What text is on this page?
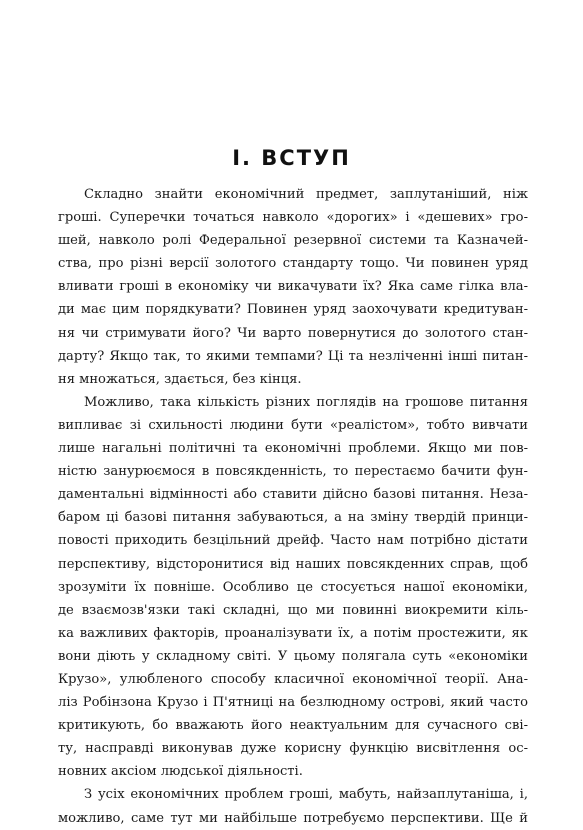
I. ВСТУП
Складно знайти економічний предмет, заплутаніший, ніж
гроші. Суперечки точаться навколо «дорогих» і «дешевих» гро-
шей, навколо ролі Федеральної резервної системи та Казначей-
ства, про різні версії золотого стандарту тощо. Чи повинен уряд
вливати гроші в економіку чи викачувати їх? Яка саме гілка вла-
ди має цим порядкувати? Повинен уряд заохочувати кредитуван-
ня чи стримувати його? Чи варто повернутися до золотого стан-
дарту? Якщо так, то якими темпами? Ці та незліченні інші питан-
ня множаться, здається, без кінця.
Можливо, така кількість різних поглядів на грошове питання
випливає зі схильності людини бути «реалістом», тобто вивчати
лише нагальні політичні та економічні проблеми. Якщо ми пов-
ністю занурюємося в повсякденність, то перестаємо бачити фун-
даментальні відмінності або ставити дійсно базові питання. Неза-
баром ці базові питання забуваються, а на зміну твердій принци-
повості приходить безцільний дрейф. Часто нам потрібно дістати
перспективу, відсторонитися від наших повсякденних справ, щоб
зрозуміти їх повніше. Особливо це стосується нашої економіки,
де взаємозв'язки такі складні, що ми повинні виокремити кіль-
ка важливих факторів, проаналізувати їх, а потім простежити, як
вони діють у складному світі. У цьому полягала суть «економіки
Крузо», улюбленого способу класичної економічної теорії. Ана-
ліз Робінзона Крузо і П'ятниці на безлюдному острові, який часто
критикують, бо вважають його неактуальним для сучасного сві-
ту, насправді виконував дуже корисну функцію висвітлення ос-
новних аксіом людської діяльності.
З усіх економічних проблем гроші, мабуть, найзаплутаніша, і,
можливо, саме тут ми найбільше потребуємо перспективи. Ще й
